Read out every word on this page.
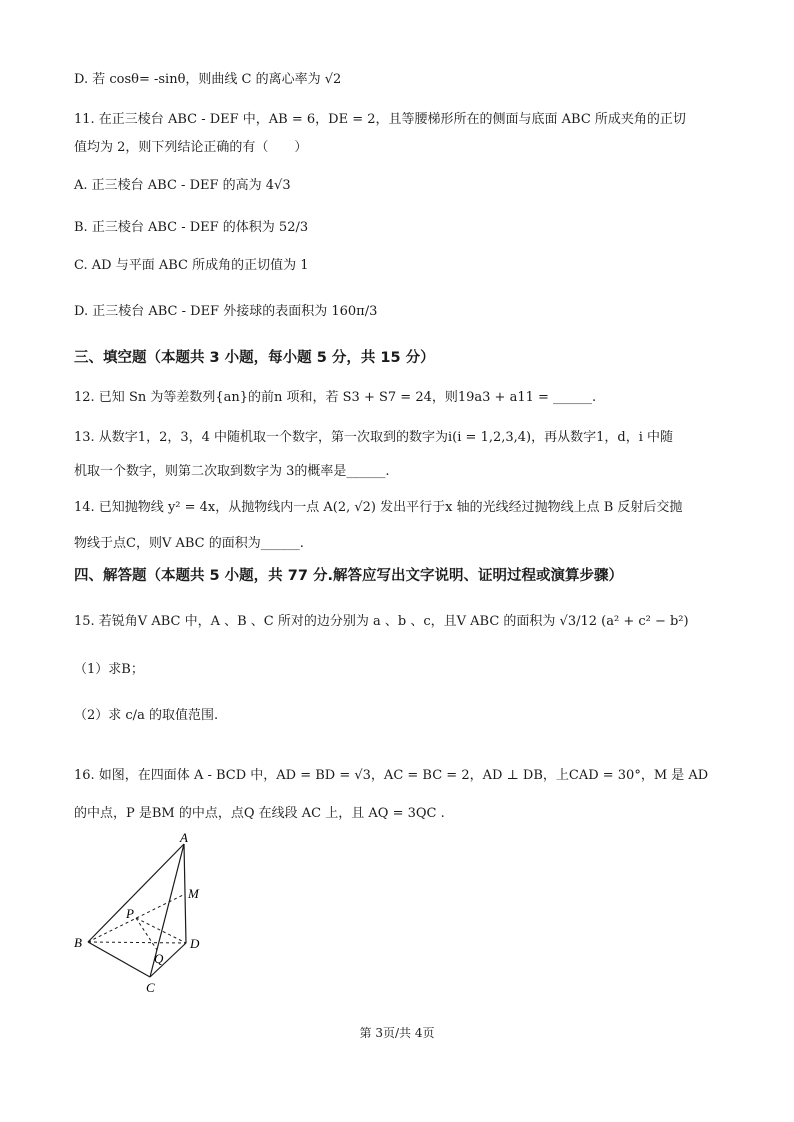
D. 若 cosθ= -sinθ，则曲线 C 的离心率为 √2
11. 在正三棱台 ABC - DEF 中，AB = 6，DE = 2，且等腰梯形所在的侧面与底面 ABC 所成夹角的正切
值均为 2，则下列结论正确的有（　　）
A. 正三棱台 ABC - DEF 的高为 4√3
B. 正三棱台 ABC - DEF 的体积为 52/3
C. AD 与平面 ABC 所成角的正切值为 1
D. 正三棱台 ABC - DEF 外接球的表面积为 160π/3
三、填空题（本题共 3 小题，每小题 5 分，共 15 分）
12. 已知 Sn 为等差数列{an}的前n 项和，若 S3 + S7 = 24，则19a3 + a11 = ______.
13. 从数字1，2，3，4 中随机取一个数字，第一次取到的数字为i(i = 1,2,3,4)，再从数字1，d，i 中随
机取一个数字，则第二次取到数字为 3的概率是______.
14. 已知抛物线 y² = 4x，从抛物线内一点 A(2, √2) 发出平行于x 轴的光线经过抛物线上点 B 反射后交抛
物线于点C，则V ABC 的面积为______.
四、解答题（本题共 5 小题，共 77 分.解答应写出文字说明、证明过程或演算步骤）
15. 若锐角V ABC 中，A 、B 、C 所对的边分别为 a 、b 、c，且V ABC 的面积为 √3/12 (a² + c² − b²)
（1）求B；
（2）求 c/a 的取值范围.
16. 如图，在四面体 A - BCD 中，AD = BD = √3，AC = BC = 2，AD ⊥ DB，上CAD = 30°，M 是 AD
的中点，P 是BM 的中点，点Q 在线段 AC 上，且 AQ = 3QC .
A
M
P
B	D
Q
C
第 3页/共 4页
